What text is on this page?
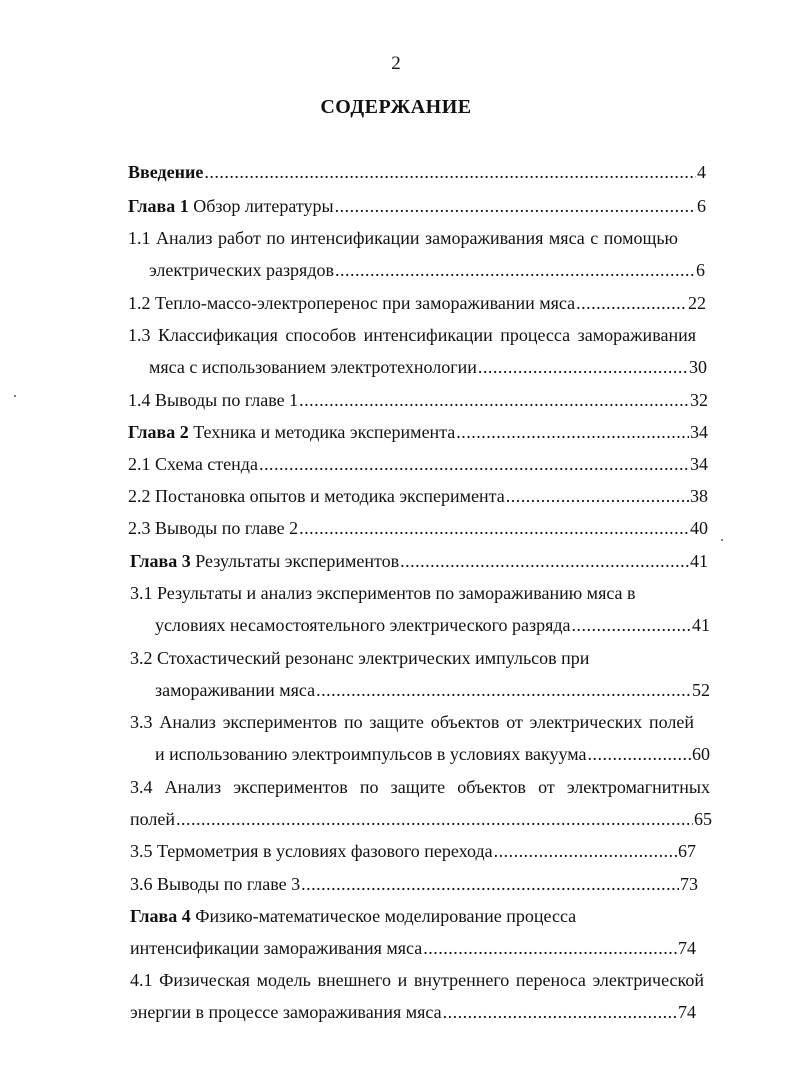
2
СОДЕРЖАНИЕ
Введение .....	4
Глава 1 Обзор литературы .....	6
1.1 Анализ работ по интенсификации замораживания мяса с помощью
электрических разрядов .....	6
1.2 Тепло-массо-электроперенос при замораживании мяса .....	22
1.3 Классификация способов интенсификации процесса замораживания
мяса с использованием электротехнологии .....	30
1.4 Выводы по главе 1 .....	32
Глава 2 Техника и методика эксперимента .....	34
2.1 Схема стенда .....	34
2.2 Постановка опытов и методика эксперимента .....	38
2.3 Выводы по главе 2 .....	40
Глава 3 Результаты экспериментов .....	41
3.1 Результаты и анализ экспериментов по замораживанию мяса в
условиях несамостоятельного электрического разряда .....	41
3.2 Стохастический резонанс электрических импульсов при
замораживании мяса .....	52
3.3 Анализ экспериментов по защите объектов от электрических полей
и использованию электроимпульсов в условиях вакуума .....	60
3.4 Анализ экспериментов по защите объектов от электромагнитных
полей .....	65
3.5 Термометрия в условиях фазового перехода .....	67
3.6 Выводы по главе 3 .....	73
Глава 4 Физико-математическое моделирование процесса
интенсификации замораживания мяса .....	74
4.1 Физическая модель внешнего и внутреннего переноса электрической
энергии в процессе замораживания мяса .....	74
